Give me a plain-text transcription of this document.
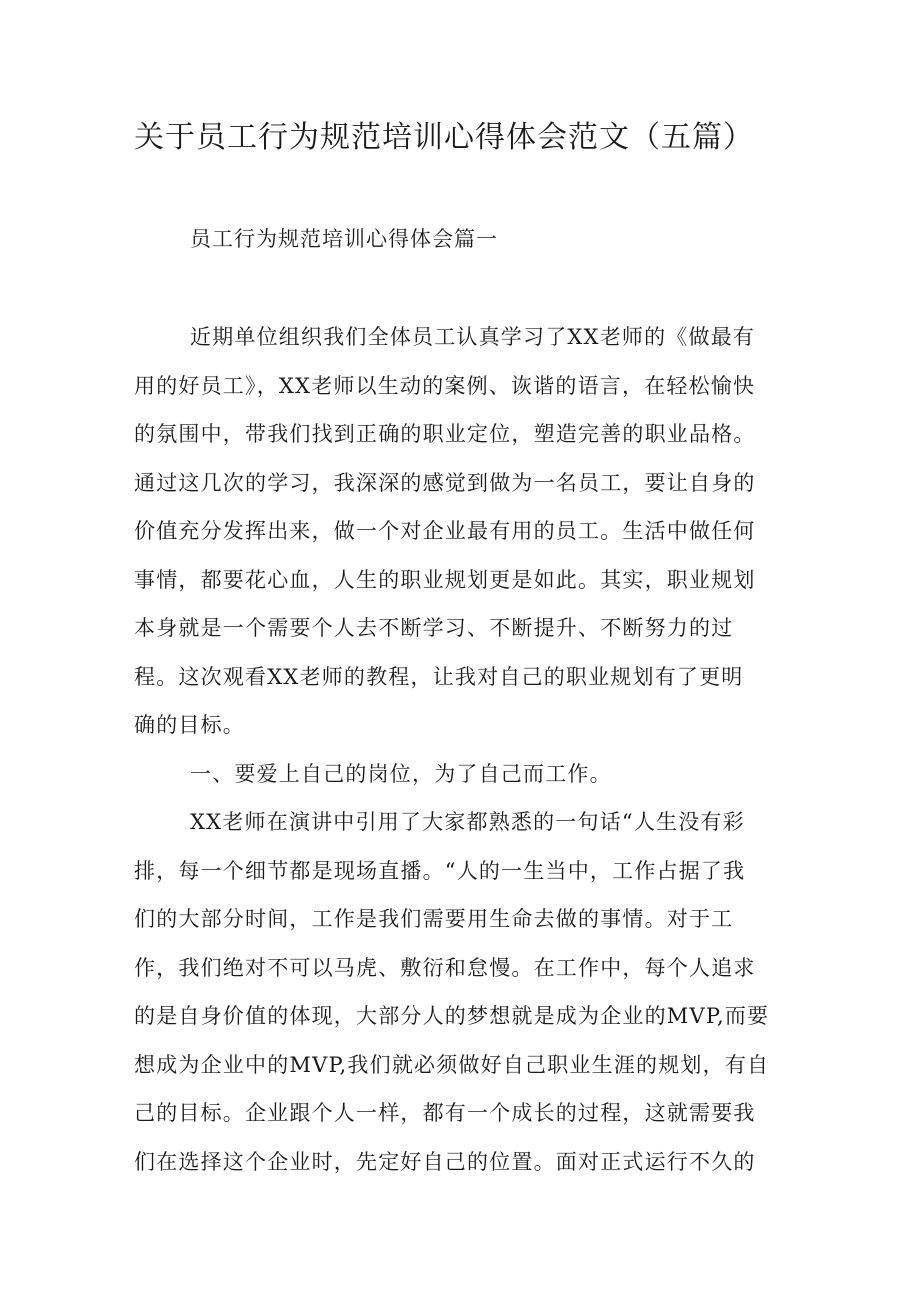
关于员工行为规范培训心得体会范文（五篇）

员工行为规范培训心得体会篇一

近期单位组织我们全体员工认真学习了XX老师的《做最有
用的好员工》，XX老师以生动的案例、诙谐的语言，在轻松愉快
的氛围中，带我们找到正确的职业定位，塑造完善的职业品格。
通过这几次的学习，我深深的感觉到做为一名员工，要让自身的
价值充分发挥出来，做一个对企业最有用的员工。生活中做任何
事情，都要花心血，人生的职业规划更是如此。其实，职业规划
本身就是一个需要个人去不断学习、不断提升、不断努力的过
程。这次观看XX老师的教程，让我对自己的职业规划有了更明
确的目标。
一、要爱上自己的岗位，为了自己而工作。
XX老师在演讲中引用了大家都熟悉的一句话“人生没有彩
排，每一个细节都是现场直播。“人的一生当中，工作占据了我
们的大部分时间，工作是我们需要用生命去做的事情。对于工
作，我们绝对不可以马虎、敷衍和怠慢。在工作中，每个人追求
的是自身价值的体现，大部分人的梦想就是成为企业的MVP,而要
想成为企业中的MVP,我们就必须做好自己职业生涯的规划，有自
己的目标。企业跟个人一样，都有一个成长的过程，这就需要我
们在选择这个企业时，先定好自己的位置。面对正式运行不久的
